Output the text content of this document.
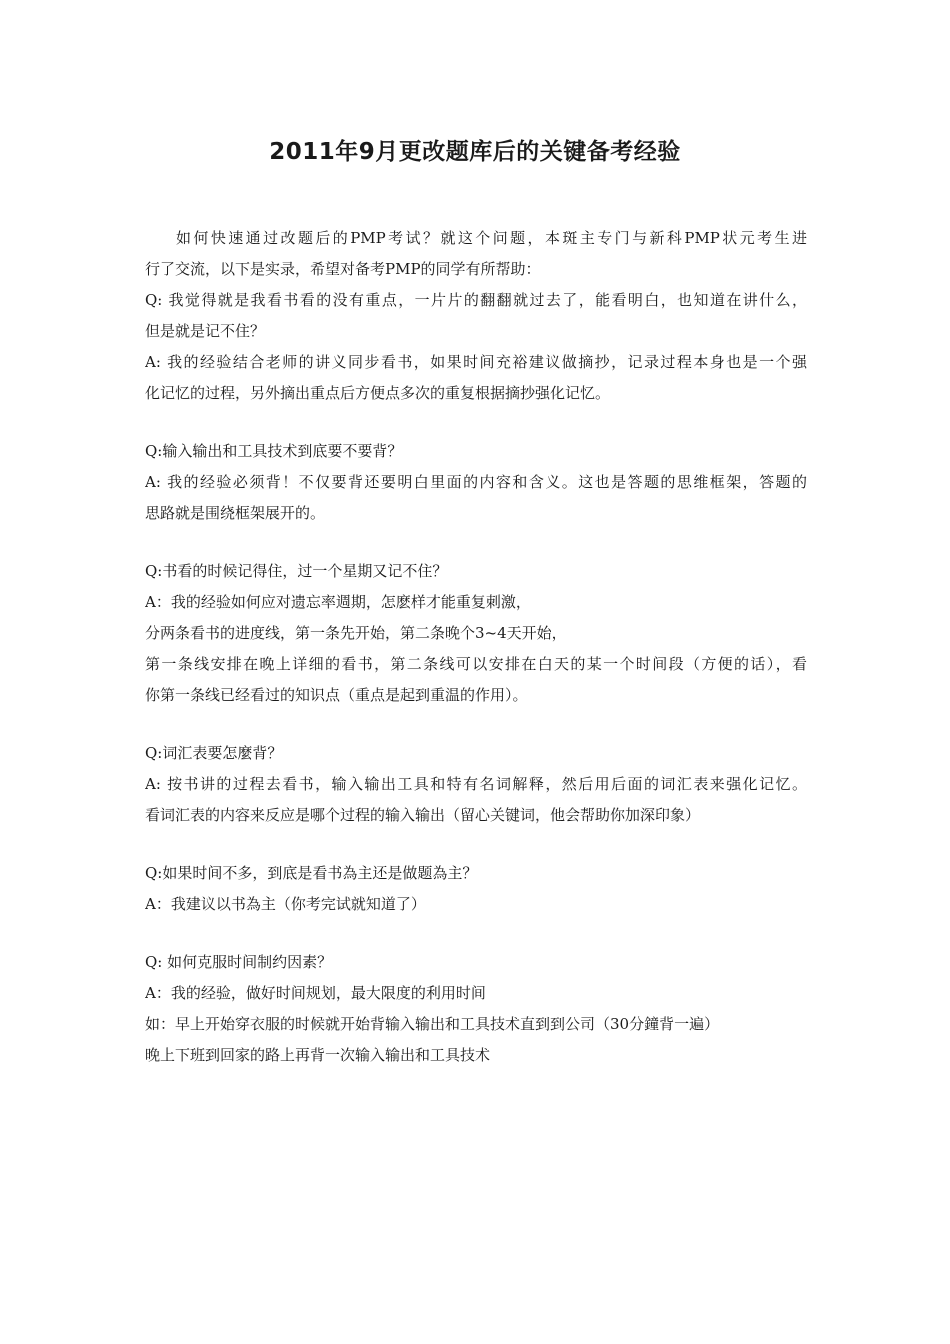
2011年9月更改题库后的关键备考经验
如何快速通过改题后的PMP考试？就这个问题，本斑主专门与新科PMP状元考生进
行了交流，以下是实录，希望对备考PMP的同学有所帮助：
Q: 我觉得就是我看书看的没有重点，一片片的翻翻就过去了，能看明白，也知道在讲什么，
但是就是记不住？
A: 我的经验结合老师的讲义同步看书，如果时间充裕建议做摘抄，记录过程本身也是一个强
化记忆的过程，另外摘出重点后方便点多次的重复根据摘抄强化记忆。
Q:输入输出和工具技术到底要不要背？
A: 我的经验必须背！不仅要背还要明白里面的内容和含义。这也是答题的思维框架，答题的
思路就是围绕框架展开的。
Q:书看的时候记得住，过一个星期又记不住？
A：我的经验如何应对遗忘率週期，怎麽样才能重复刺激，
分两条看书的进度线，第一条先开始，第二条晚个3~4天开始，
第一条线安排在晚上详细的看书，第二条线可以安排在白天的某一个时间段（方便的话），看
你第一条线已经看过的知识点（重点是起到重温的作用）。
Q:词汇表要怎麼背？
A: 按书讲的过程去看书，输入输出工具和特有名词解释，然后用后面的词汇表来强化记忆。
看词汇表的内容来反应是哪个过程的输入输出（留心关键词，他会帮助你加深印象）
Q:如果时间不多，到底是看书為主还是做题為主？
A：我建议以书為主（你考完试就知道了）
Q: 如何克服时间制约因素？
A：我的经验，做好时间规划，最大限度的利用时间
如：早上开始穿衣服的时候就开始背输入输出和工具技术直到到公司（30分鐘背一遍）
晚上下班到回家的路上再背一次输入输出和工具技术
